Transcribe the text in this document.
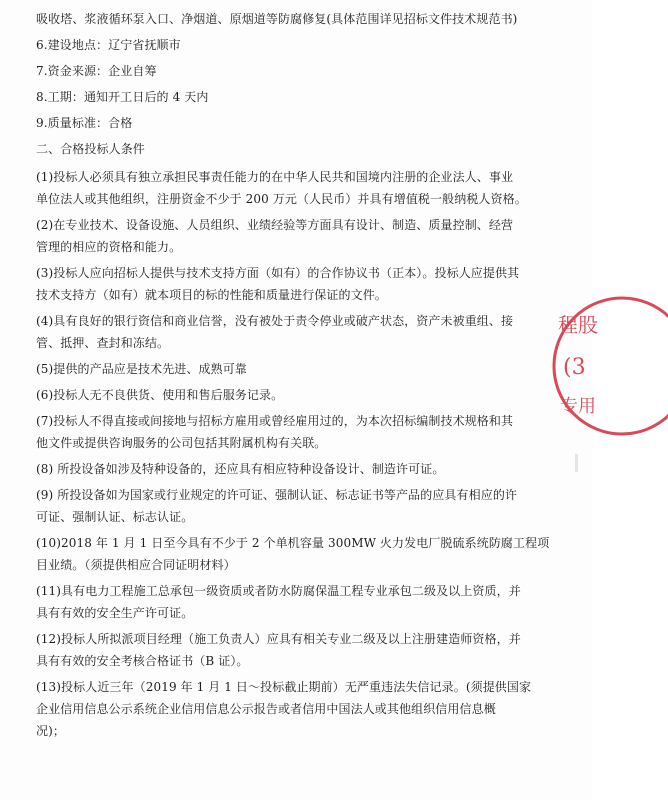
吸收塔、浆液循环泵入口、净烟道、原烟道等防腐修复(具体范围详见招标文件技术规范书)
6.建设地点：辽宁省抚顺市
7.资金来源：企业自筹
8.工期：通知开工日后的 4 天内
9.质量标准：合格
二、合格投标人条件
(1)投标人必须具有独立承担民事责任能力的在中华人民共和国境内注册的企业法人、事业
单位法人或其他组织，注册资金不少于 200 万元（人民币）并具有增值税一般纳税人资格。
(2)在专业技术、设备设施、人员组织、业绩经验等方面具有设计、制造、质量控制、经营
管理的相应的资格和能力。
(3)投标人应向招标人提供与技术支持方面（如有）的合作协议书（正本）。投标人应提供其
技术支持方（如有）就本项目的标的性能和质量进行保证的文件。
(4)具有良好的银行资信和商业信誉，没有被处于责令停业或破产状态，资产未被重组、接
管、抵押、查封和冻结。
(5)提供的产品应是技术先进、成熟可靠
(6)投标人无不良供货、使用和售后服务记录。
(7)投标人不得直接或间接地与招标方雇用或曾经雇用过的，为本次招标编制技术规格和其
他文件或提供咨询服务的公司包括其附属机构有关联。
(8) 所投设备如涉及特种设备的，还应具有相应特种设备设计、制造许可证。
(9) 所投设备如为国家或行业规定的许可证、强制认证、标志证书等产品的应具有相应的许
可证、强制认证、标志认证。
(10)2018 年 1 月 1 日至今具有不少于 2 个单机容量 300MW 火力发电厂脱硫系统防腐工程项
目业绩。（须提供相应合同证明材料）
(11)具有电力工程施工总承包一级资质或者防水防腐保温工程专业承包二级及以上资质，并
具有有效的安全生产许可证。
(12)投标人所拟派项目经理（施工负责人）应具有相关专业二级及以上注册建造师资格，并
具有有效的安全考核合格证书（B 证）。
(13)投标人近三年（2019 年 1 月 1 日～投标截止期前）无严重违法失信记录。(须提供国家
企业信用信息公示系统企业信用信息公示报告或者信用中国法人或其他组织信用信息概
况)；
程股
(3
专用
